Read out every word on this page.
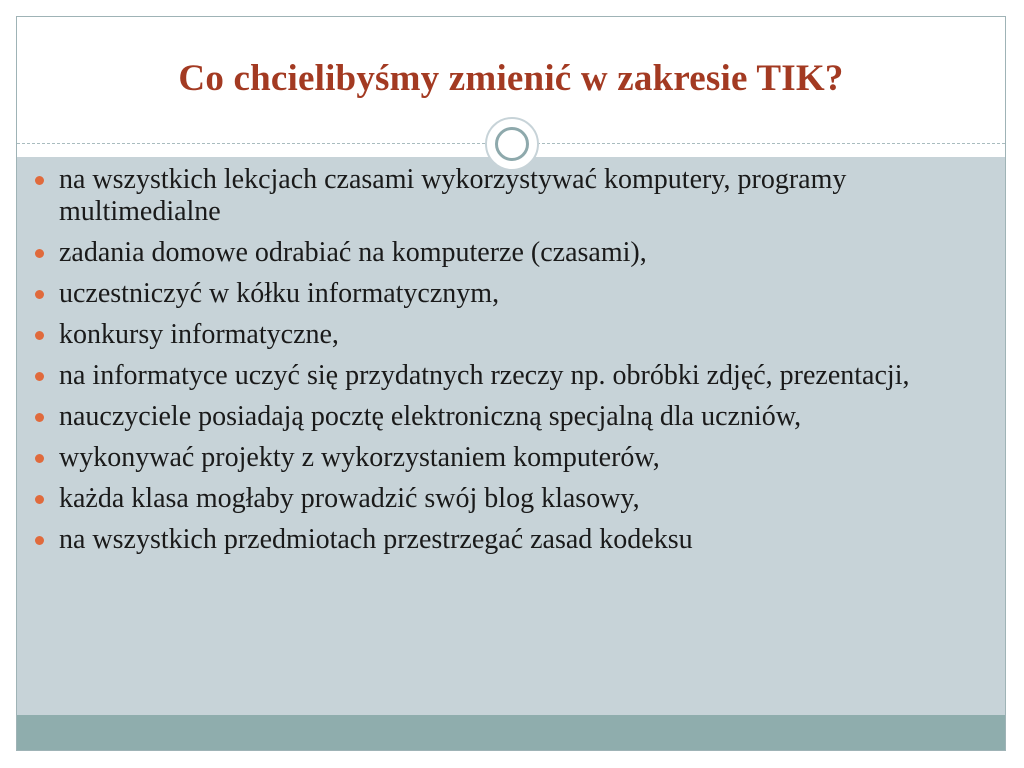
Co chcielibyśmy zmienić w zakresie TIK?
na wszystkich lekcjach czasami wykorzystywać komputery, programy multimedialne
zadania domowe odrabiać na komputerze (czasami),
uczestniczyć w kółku informatycznym,
konkursy informatyczne,
na informatyce uczyć się przydatnych rzeczy np. obróbki zdjęć, prezentacji,
nauczyciele posiadają pocztę elektroniczną specjalną dla uczniów,
wykonywać projekty z wykorzystaniem komputerów,
każda klasa mogłaby prowadzić swój blog klasowy,
na wszystkich przedmiotach przestrzegać zasad kodeksu
